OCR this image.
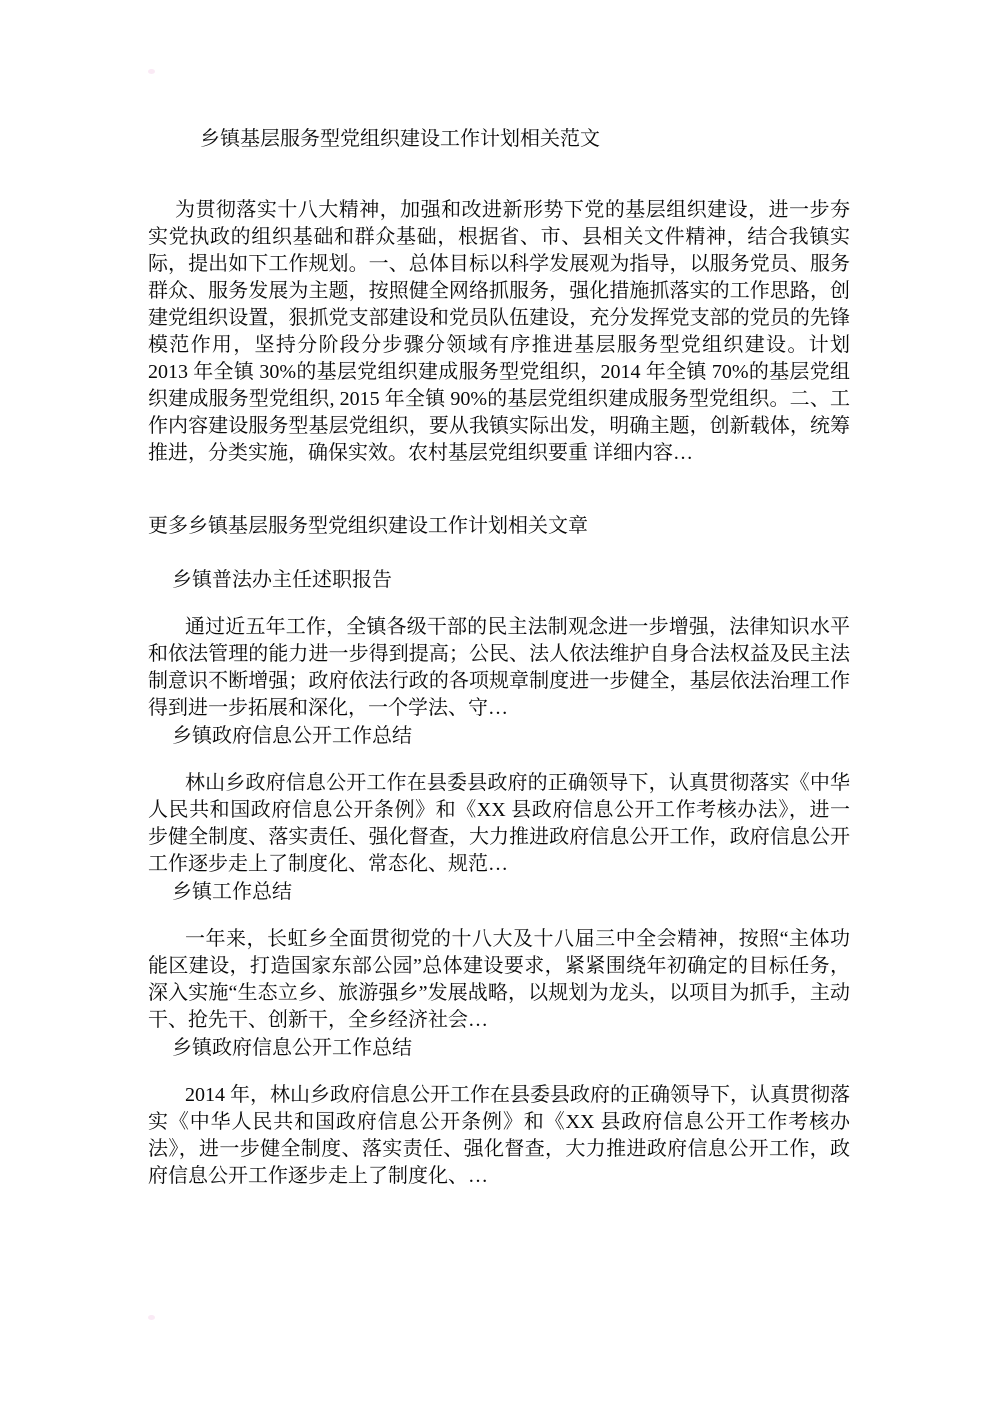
乡镇基层服务型党组织建设工作计划相关范文

为贯彻落实十八大精神，加强和改进新形势下党的基层组织建设，进一步夯实党执政的组织基础和群众基础，根据省、市、县相关文件精神，结合我镇实际，提出如下工作规划。一、总体目标以科学发展观为指导，以服务党员、服务群众、服务发展为主题，按照健全网络抓服务，强化措施抓落实的工作思路，创建党组织设置，狠抓党支部建设和党员队伍建设，充分发挥党支部的党员的先锋模范作用，坚持分阶段分步骤分领域有序推进基层服务型党组织建设。计划 2013 年全镇 30%的基层党组织建成服务型党组织，2014 年全镇 70%的基层党组织建成服务型党组织, 2015 年全镇 90%的基层党组织建成服务型党组织。二、工作内容建设服务型基层党组织，要从我镇实际出发，明确主题，创新载体，统筹推进，分类实施，确保实效。农村基层党组织要重 详细内容…

更多乡镇基层服务型党组织建设工作计划相关文章

乡镇普法办主任述职报告

通过近五年工作，全镇各级干部的民主法制观念进一步增强，法律知识水平和依法管理的能力进一步得到提高；公民、法人依法维护自身合法权益及民主法制意识不断增强；政府依法行政的各项规章制度进一步健全，基层依法治理工作得到进一步拓展和深化，一个学法、守…

乡镇政府信息公开工作总结

林山乡政府信息公开工作在县委县政府的正确领导下，认真贯彻落实《中华人民共和国政府信息公开条例》和《XX 县政府信息公开工作考核办法》，进一步健全制度、落实责任、强化督查，大力推进政府信息公开工作，政府信息公开工作逐步走上了制度化、常态化、规范…

乡镇工作总结

一年来，长虹乡全面贯彻党的十八大及十八届三中全会精神，按照“主体功能区建设，打造国家东部公园”总体建设要求，紧紧围绕年初确定的目标任务，深入实施“生态立乡、旅游强乡”发展战略，以规划为龙头，以项目为抓手，主动干、抢先干、创新干，全乡经济社会…

乡镇政府信息公开工作总结

2014 年，林山乡政府信息公开工作在县委县政府的正确领导下，认真贯彻落实《中华人民共和国政府信息公开条例》和《XX 县政府信息公开工作考核办法》，进一步健全制度、落实责任、强化督查，大力推进政府信息公开工作，政府信息公开工作逐步走上了制度化、…
